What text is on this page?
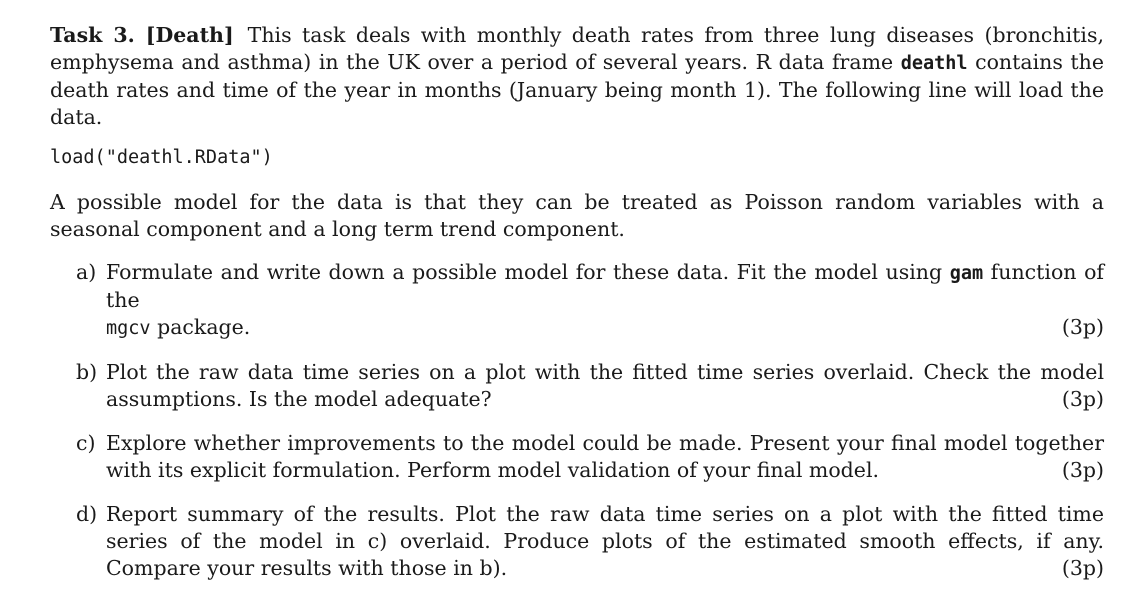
Task 3. [Death] This task deals with monthly death rates from three lung diseases (bronchitis, emphysema and asthma) in the UK over a period of several years. R data frame deathl contains the death rates and time of the year in months (January being month 1). The following line will load the data.

load("deathl.RData")

A possible model for the data is that they can be treated as Poisson random variables with a seasonal component and a long term trend component.

a) Formulate and write down a possible model for these data. Fit the model using gam function of the
mgcv package.	(3p)
b) Plot the raw data time series on a plot with the fitted time series overlaid. Check the model assumptions. Is the model adequate?	(3p)
c) Explore whether improvements to the model could be made. Present your final model together with its explicit formulation. Perform model validation of your final model.	(3p)
d) Report summary of the results. Plot the raw data time series on a plot with the fitted time series of the model in c) overlaid. Produce plots of the estimated smooth effects, if any. Compare your results with those in b).	(3p)
